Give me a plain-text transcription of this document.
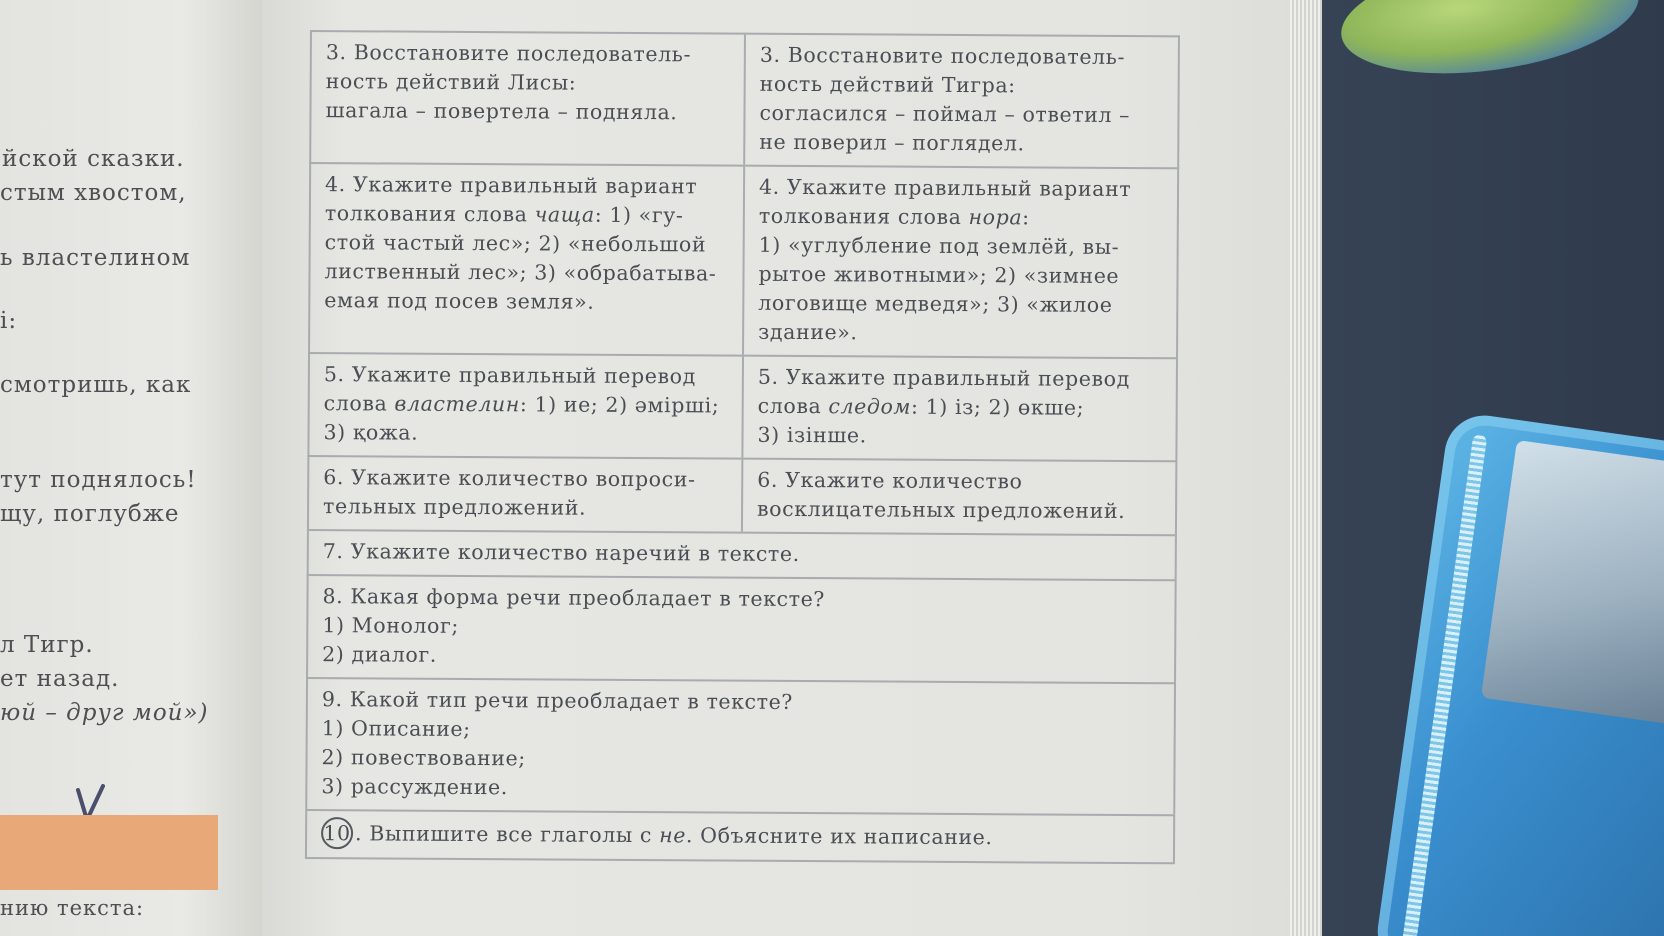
йской сказки.
стым хвостом,
ь властелином
і:
смотришь, как
тут поднялось!
щу, поглубже
л Тигр.
ет назад.
юй – друг мой»)
нию текста:
3. Восстановите последователь-
ность действий Лисы:
шагала – повертела – подняла.
3. Восстановите последователь-
ность действий Тигра:
согласился – поймал – ответил –
не поверил – поглядел.
4. Укажите правильный вариант
толкования слова чаща: 1) «гу-
стой частый лес»; 2) «небольшой
лиственный лес»; 3) «обрабатыва-
емая под посев земля».
4. Укажите правильный вариант
толкования слова нора:
1) «углубление под землёй, вы-
рытое животными»; 2) «зимнее
логовище медведя»; 3) «жилое
здание».
5. Укажите правильный перевод
слова властелин: 1) ие; 2) әмірші;
3) қожа.
5. Укажите правильный перевод
слова следом: 1) із; 2) өкше;
3) ізінше.
6. Укажите количество вопроси-
тельных предложений.
6. Укажите количество
восклицательных предложений.
7. Укажите количество наречий в тексте.
8. Какая форма речи преобладает в тексте?
1) Монолог;
2) диалог.
9. Какой тип речи преобладает в тексте?
1) Описание;
2) повествование;
3) рассуждение.
10 . Выпишите все глаголы с не. Объясните их написание.
